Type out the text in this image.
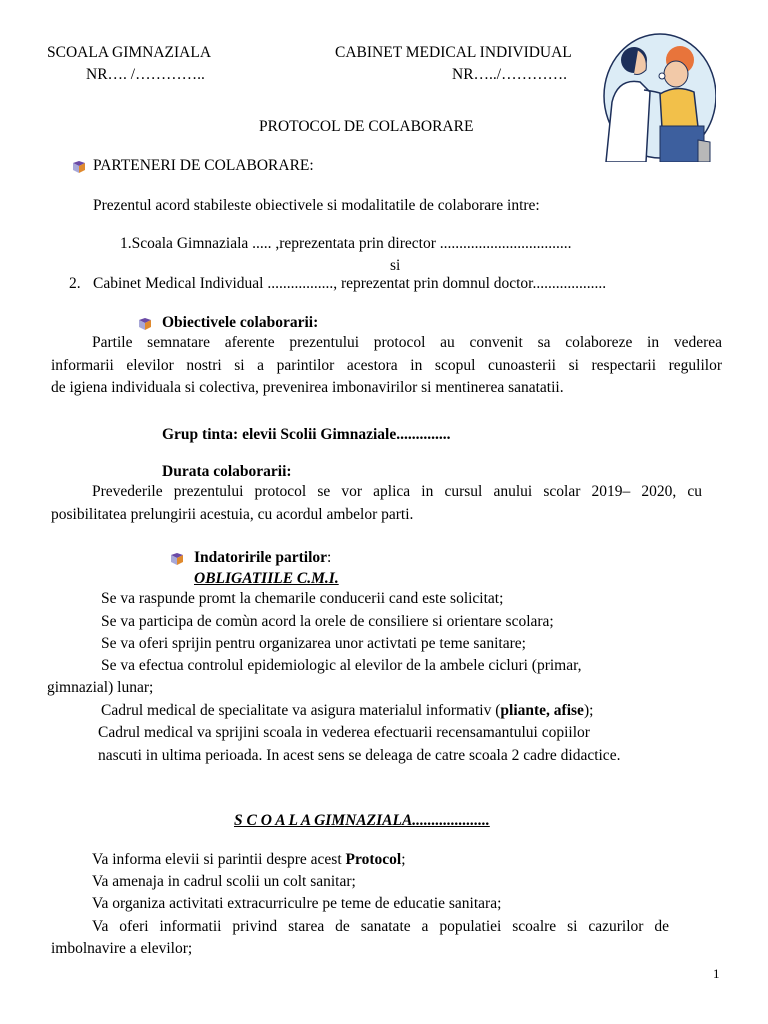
SCOALA GIMNAZIALA
NR…. /…………..
CABINET MEDICAL INDIVIDUAL
NR…../………….
PROTOCOL DE COLABORARE
PARTENERI DE COLABORARE:
Prezentul acord stabileste obiectivele si modalitatile de colaborare intre:
1.Scoala Gimnaziala ..... ,reprezentata prin director ..................................
si
2. Cabinet Medical Individual ................., reprezentat prin domnul doctor...................
Obiectivele colaborarii:
Partile semnatare aferente prezentului protocol au convenit sa colaboreze in vederea
informarii elevilor nostri si a parintilor acestora in scopul cunoasterii si respectarii regulilor
de igiena individuala si colectiva, prevenirea imbonavirilor si mentinerea sanatatii.
Grup tinta: elevii Scolii Gimnaziale..............
Durata colaborarii:
Prevederile prezentului protocol se vor aplica in cursul anului scolar 2019– 2020, cu
posibilitatea prelungirii acestuia, cu acordul ambelor parti.
Indatoririle partilor:
OBLIGATIILE C.M.I.
Se va raspunde promt la chemarile conducerii cand este solicitat;
Se va participa de comùn acord la orele de consiliere si orientare scolara;
Se va oferi sprijin pentru organizarea unor activtati pe teme sanitare;
Se va efectua controlul epidemiologic al elevilor de la ambele cicluri (primar,
gimnazial) lunar;
Cadrul medical de specialitate va asigura materialul informativ (pliante, afise);
Cadrul medical va sprijini scoala in vederea efectuarii recensamantului copiilor
nascuti in ultima perioada. In acest sens se deleaga de catre scoala 2 cadre didactice.
S C O A L A GIMNAZIALA....................
Va informa elevii si parintii despre acest Protocol;
Va amenaja in cadrul scolii un colt sanitar;
Va organiza activitati extracurriculre pe teme de educatie sanitara;
Va oferi informatii privind starea de sanatate a populatiei scoalre si cazurilor de
imbolnavire a elevilor;
1
